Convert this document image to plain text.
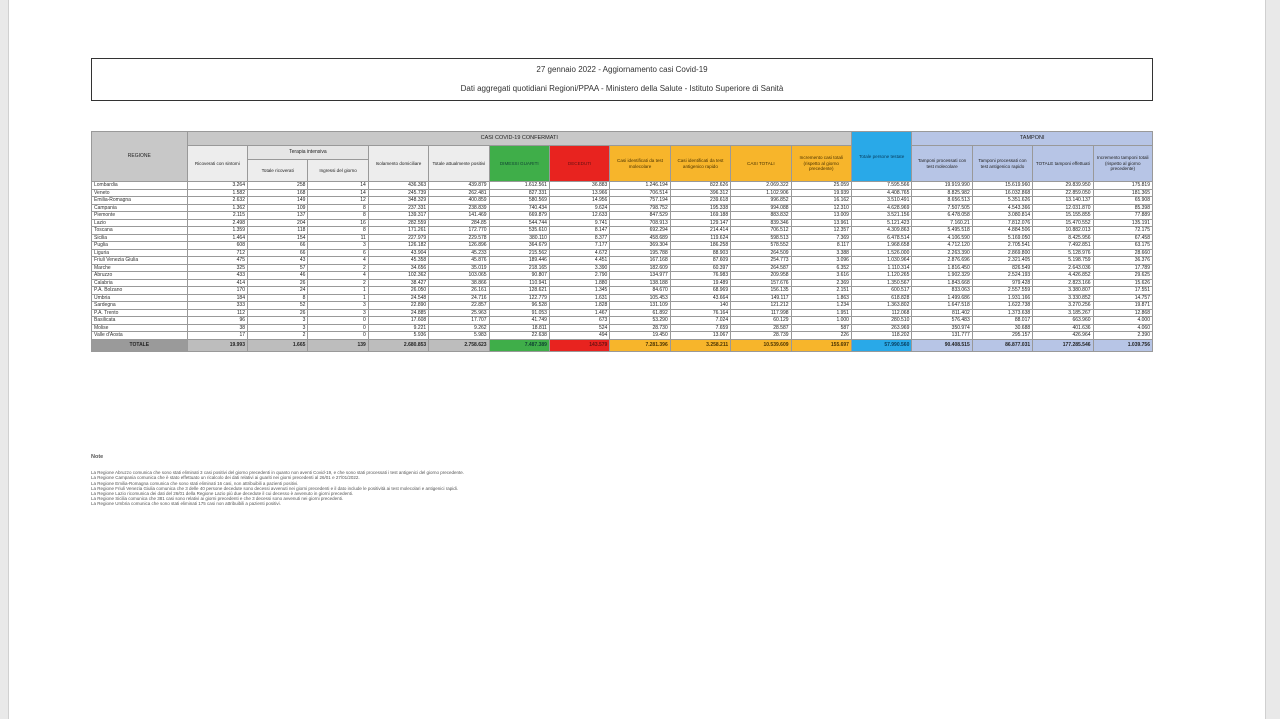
27 gennaio 2022 - Aggiornamento casi Covid-19
Dati aggregati quotidiani Regioni/PPAA - Ministero della Salute - Istituto Superiore di Sanità
REGIONE	CASI COVID-19 CONFERMATI											Totale persone testate	TAMPONI			
	Ricoverati con sintomi	Terapia intensiva		Isolamento domiciliare	Totale attualmente positivi	DIMESSI GUARITI	DECEDUTI	Casi identificati da test molecolare	Casi identificati da test antigenico rapido	CASI TOTALI	Incremento casi totali (rispetto al giorno precedente)		Tamponi processati con test molecolare	Tamponi processati con test antigenico rapido	TOTALE tamponi effettuati	Incremento tamponi totali (rispetto al giorno precedente)
		Totale ricoverati	Ingressi del giorno													
Lombardia	3.264	258	14	436.363	439.879	1.612.561	36.883	1.246.194	822.626	2.069.322	25.059	7.595.566	19.919.990	15.619.960	29.839.950	175.819
Veneto	1.582	168	14	245.739	262.481	827.331	13.966	706.514	396.312	1.102.906	19.939	4.408.765	8.825.982	16.032.868	22.859.050	181.365
Emilia-Romagna	2.632	149	12	348.329	400.859	580.569	14.956	757.194	239.618	996.852	16.162	3.510.491	8.656.513	5.351.626	13.140.137	65.908
Campania	1.362	109	8	237.331	238.839	740.434	9.624	798.752	195.338	994.088	12.310	4.628.969	7.507.505	4.543.366	12.031.870	85.398
Piemonte	2.115	137	8	139.317	141.469	669.879	12.633	847.529	169.188	883.832	13.009	3.521.156	6.478.058	3.080.814	15.155.855	77.889
Lazio	2.498	204	16	282.559	284.85	544.744	9.741	708.913	129.147	839.346	13.961	5.121.423	7.160.21	7.812.076	15.470.552	135.191
Toscana	1.359	118	8	171.261	172.770	535.610	8.147	692.294	214.414	706.512	12.357	4.309.863	5.495.518	4.884.506	10.882.013	72.175
Sicilia	1.464	154	11	227.979	229.578	380.110	8.377	458.689	119.624	598.513	7.369	6.478.514	4.106.590	5.169.050	8.425.956	67.458
Puglia	608	66	3	126.182	126.896	364.679	7.177	369.304	186.258	578.552	8.117	1.968.658	4.712.120	2.705.541	7.492.851	63.175
Liguria	712	66	6	43.904	45.233	215.562	4.672	195.788	88.903	264.509	3.388	1.526.000	2.263.390	2.869.800	5.128.976	28.660
Friuli Venezia Giulia	475	43	4	45.358	45.876	189.446	4.451	167.168	87.609	254.773	3.096	1.030.964	2.876.696	2.321.405	5.198.759	36.376
Marche	325	57	2	34.656	35.019	218.165	3.390	182.609	60.397	264.587	6.352	1.110.314	1.816.450	826.549	2.643.036	17.789
Abruzzo	433	46	4	102.362	103.065	90.807	2.790	134.977	76.983	209.958	3.616	1.120.265	1.902.329	2.524.193	4.426.852	29.625
Calabria	414	26	2	38.427	38.866	110.941	1.880	138.188	19.489	157.676	2.369	1.350.567	1.843.668	979.428	2.823.166	15.626
P.A. Bolzano	170	24	1	26.050	26.161	128.621	1.345	84.670	68.969	156.135	2.151	600.517	833.063	2.557.559	3.380.807	17.551
Umbria	184	8	1	24.548	24.716	122.779	1.631	105.453	43.664	149.117	1.863	618.828	1.499.686	1.931.166	3.330.852	14.757
Sardegna	333	52	3	22.890	22.857	96.528	1.828	131.109	140	121.212	1.234	1.363.802	1.647.518	1.622.738	3.270.256	19.871
P.A. Trento	112	26	3	24.885	25.963	91.053	1.467	61.892	76.164	117.998	1.951	112.068	811.402	1.373.638	3.185.267	12.868
Basilicata	96	3	0	17.608	17.707	41.749	673	53.290	7.024	60.129	1.000	280.510	576.483	88.017	663.960	4.000
Molise	38	3	0	9.221	9.262	18.811	524	28.730	7.659	28.587	587	263.969	350.974	30.688	401.636	4.060
Valle d'Aosta	17	2	0	5.936	5.983	22.638	494	19.450	13.067	28.739	226	118.202	131.777	295.157	426.964	2.390
TOTALE	19.993	1.665	139	2.680.853	2.758.623	7.487.389	143.579	7.281.396	3.258.211	10.539.609	155.697	57.990.560	90.408.515	86.877.031	177.285.546	1.039.756
Note
La Regione Abruzzo comunica che sono stati eliminati 3 casi positivi del giorno precedenti in quanto non aventi Covid-19, e che sono stati processati i test antigenici del giorno precedente.
La Regione Campania comunica che è stato effettuato un ricalcolo dei dati relativi ai guariti nei giorni precedenti al 26/01 e 27/01/2022.
La Regione Emilia-Romagna comunica che sono stati eliminati 16 casi, non attribuibili a pazienti positivi.
La Regione Friuli Venezia Giulia comunica che 3 delle 40 persone decedute sono decessi avvenuti nei giorni precedenti e il dato include le positività ai test molecolari e antigenici rapidi.
La Regione Lazio ricomunica dei dati del 26/01 della Regione Lazio più due decedute il cui decesso è avvenuto in giorni precedenti.
La Regione Sicilia comunica che 381 casi sono relativi ai giorni precedenti e che 3 decessi sono avvenuti nei giorni precedenti.
La Regione Umbria comunica che sono stati eliminati 175 casi non attribuibili a pazienti positivi.
